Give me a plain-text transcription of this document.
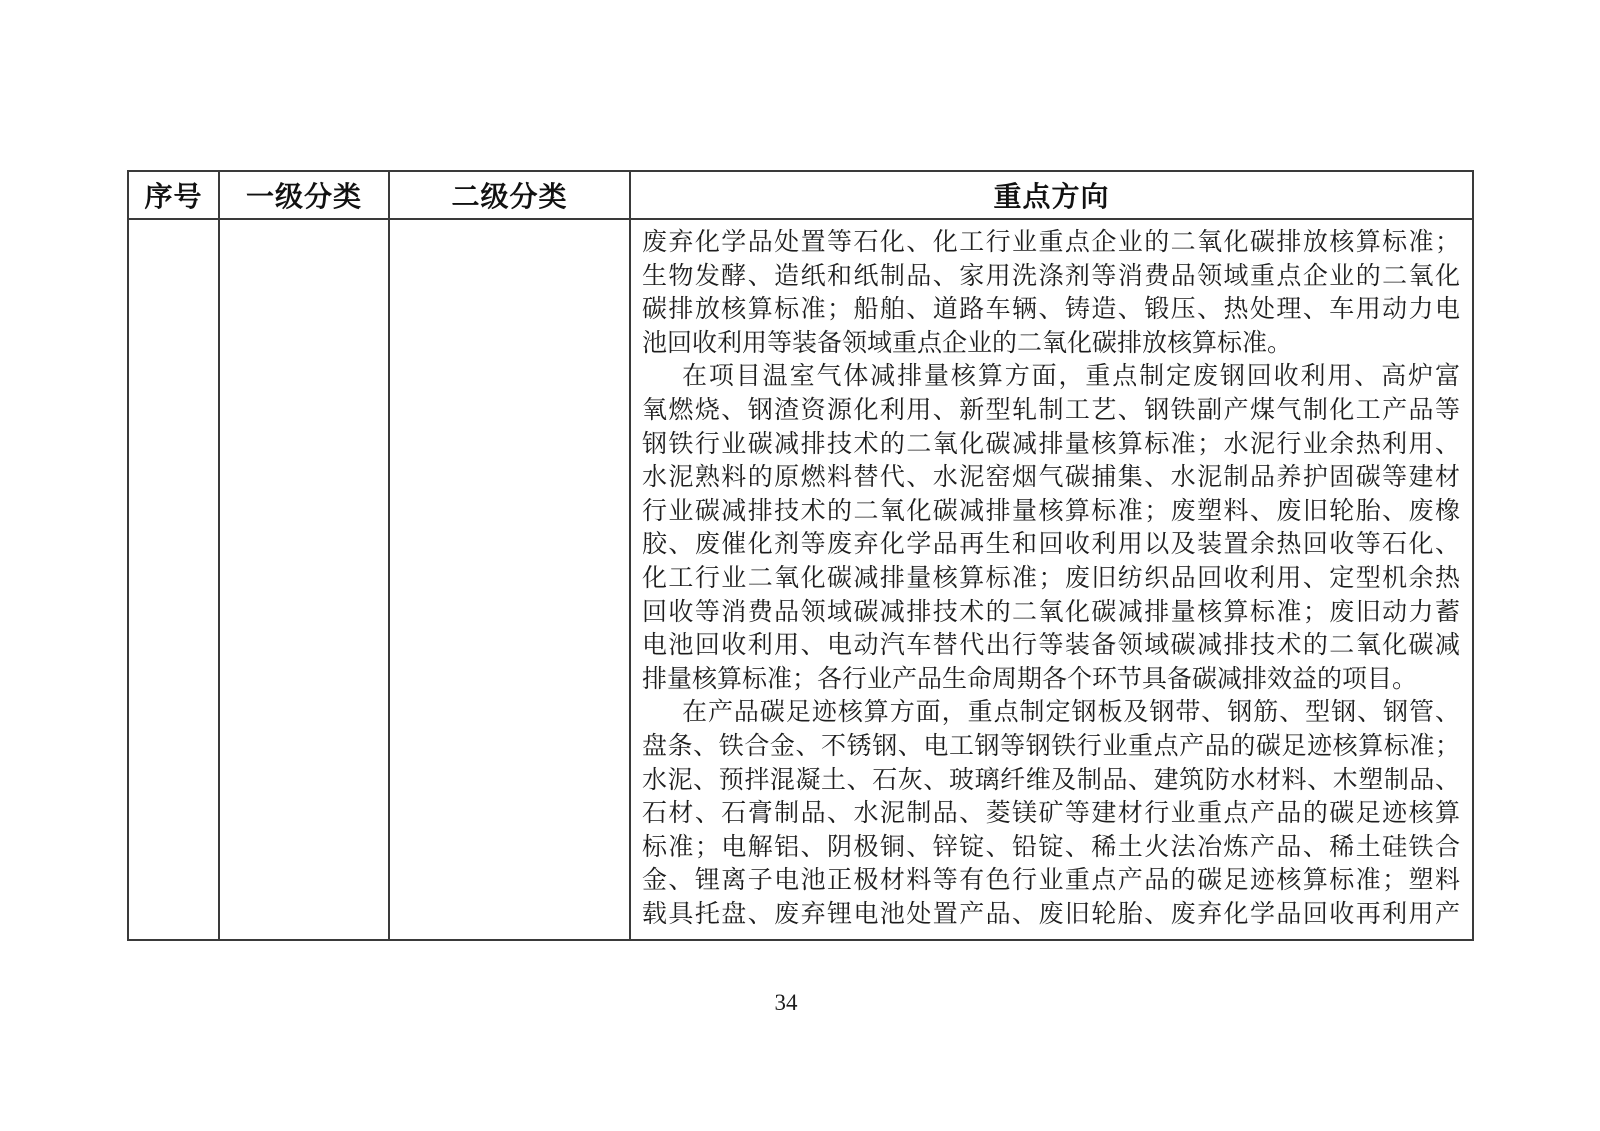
序号 一级分类	二级分类	重点方向
废弃化学品处置等石化、化工行业重点企业的二氧化碳排放核算标准；
生物发酵、造纸和纸制品、家用洗涤剂等消费品领域重点企业的二氧化
碳排放核算标准；船舶、道路车辆、铸造、锻压、热处理、车用动力电
池回收利用等装备领域重点企业的二氧化碳排放核算标准。
在项目温室气体减排量核算方面，重点制定废钢回收利用、高炉富
氧燃烧、钢渣资源化利用、新型轧制工艺、钢铁副产煤气制化工产品等
钢铁行业碳减排技术的二氧化碳减排量核算标准；水泥行业余热利用、
水泥熟料的原燃料替代、水泥窑烟气碳捕集、水泥制品养护固碳等建材
行业碳减排技术的二氧化碳减排量核算标准；废塑料、废旧轮胎、废橡
胶、废催化剂等废弃化学品再生和回收利用以及装置余热回收等石化、
化工行业二氧化碳减排量核算标准；废旧纺织品回收利用、定型机余热
回收等消费品领域碳减排技术的二氧化碳减排量核算标准；废旧动力蓄
电池回收利用、电动汽车替代出行等装备领域碳减排技术的二氧化碳减
排量核算标准；各行业产品生命周期各个环节具备碳减排效益的项目。
在产品碳足迹核算方面，重点制定钢板及钢带、钢筋、型钢、钢管、
盘条、铁合金、不锈钢、电工钢等钢铁行业重点产品的碳足迹核算标准；
水泥、预拌混凝土、石灰、玻璃纤维及制品、建筑防水材料、木塑制品、
石材、石膏制品、水泥制品、菱镁矿等建材行业重点产品的碳足迹核算
标准；电解铝、阴极铜、锌锭、铅锭、稀土火法冶炼产品、稀土硅铁合
金、锂离子电池正极材料等有色行业重点产品的碳足迹核算标准；塑料
载具托盘、废弃锂电池处置产品、废旧轮胎、废弃化学品回收再利用产
34
